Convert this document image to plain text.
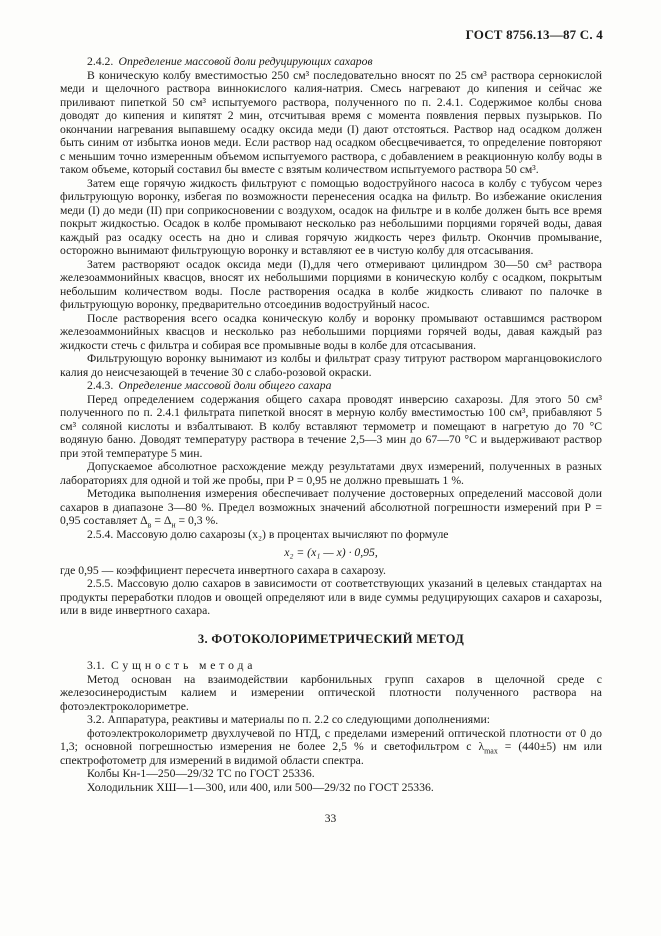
ГОСТ 8756.13—87 С. 4

2.4.2. Определение массовой доли редуцирующих сахаров

В коническую колбу вместимостью 250 см³ последовательно вносят по 25 см³ раствора сернокислой меди и щелочного раствора виннокислого калия-натрия. Смесь нагревают до кипения и сейчас же приливают пипеткой 50 см³ испытуемого раствора, полученного по п. 2.4.1. Содержимое колбы снова доводят до кипения и кипятят 2 мин, отсчитывая время с момента появления первых пузырьков. По окончании нагревания выпавшему осадку оксида меди (I) дают отстояться. Раствор над осадком должен быть синим от избытка ионов меди. Если раствор над осадком обесцвечивается, то определение повторяют с меньшим точно измеренным объемом испытуемого раствора, с добавлением в реакционную колбу воды в таком объеме, который составил бы вместе с взятым количеством испытуемого раствора 50 см³.

Затем еще горячую жидкость фильтруют с помощью водоструйного насоса в колбу с тубусом через фильтрующую воронку, избегая по возможности перенесения осадка на фильтр. Во избежание окисления меди (I) до меди (II) при соприкосновении с воздухом, осадок на фильтре и в колбе должен быть все время покрыт жидкостью. Осадок в колбе промывают несколько раз небольшими порциями горячей воды, давая каждый раз осадку осесть на дно и сливая горячую жидкость через фильтр. Окончив промывание, осторожно вынимают фильтрующую воронку и вставляют ее в чистую колбу для отсасывания.

Затем растворяют осадок оксида меди (I),для чего отмеривают цилиндром 30—50 см³ раствора железоаммонийных квасцов, вносят их небольшими порциями в коническую колбу с осадком, покрытым небольшим количеством воды. После растворения осадка в колбе жидкость сливают по палочке в фильтрующую воронку, предварительно отсоединив водоструйный насос.

После растворения всего осадка коническую колбу и воронку промывают оставшимся раствором железоаммонийных квасцов и несколько раз небольшими порциями горячей воды, давая каждый раз жидкости стечь с фильтра и собирая все промывные воды в колбе для отсасывания.

Фильтрующую воронку вынимают из колбы и фильтрат сразу титруют раствором марганцовокислого калия до неисчезающей в течение 30 с слабо-розовой окраски.

2.4.3. Определение массовой доли общего сахара

Перед определением содержания общего сахара проводят инверсию сахарозы. Для этого 50 см³ полученного по п. 2.4.1 фильтрата пипеткой вносят в мерную колбу вместимостью 100 см³, прибавляют 5 см³ соляной кислоты и взбалтывают. В колбу вставляют термометр и помещают в нагретую до 70 °С водяную баню. Доводят температуру раствора в течение 2,5—3 мин до 67—70 °С и выдерживают раствор при этой температуре 5 мин.

Допускаемое абсолютное расхождение между результатами двух измерений, полученных в разных лабораториях для одной и той же пробы, при Р = 0,95 не должно превышать 1 %.

Методика выполнения измерения обеспечивает получение достоверных определений массовой доли сахаров в диапазоне 3—80 %. Предел возможных значений абсолютной погрешности измерений при Р = 0,95 составляет $\Delta_в = \Delta_н = 0,3$ %.

2.5.4. Массовую долю сахарозы (x₂) в процентах вычисляют по формуле

x₂ = (x₁ — x) · 0,95,

где 0,95 — коэффициент пересчета инвертного сахара в сахарозу.

2.5.5. Массовую долю сахаров в зависимости от соответствующих указаний в целевых стандартах на продукты переработки плодов и овощей определяют или в виде суммы редуцирующих сахаров и сахарозы, или в виде инвертного сахара.

3. ФОТОКОЛОРИМЕТРИЧЕСКИЙ МЕТОД

3.1. Сущность метода

Метод основан на взаимодействии карбонильных групп сахаров в щелочной среде с железосинеродистым калием и измерении оптической плотности полученного раствора на фотоэлектроколориметре.

3.2. Аппаратура, реактивы и материалы по п. 2.2 со следующими дополнениями:

фотоэлектроколориметр двухлучевой по НТД, с пределами измерений оптической плотности от 0 до 1,3; основной погрешностью измерения не более 2,5 % и светофильтром с $\lambda_{max} = (440\pm 5)$ нм или спектрофотометр для измерений в видимой области спектра.

Колбы Кн-1—250—29/32 ТС по ГОСТ 25336.

Холодильник ХШ—1—300, или 400, или 500—29/32 по ГОСТ 25336.

33
